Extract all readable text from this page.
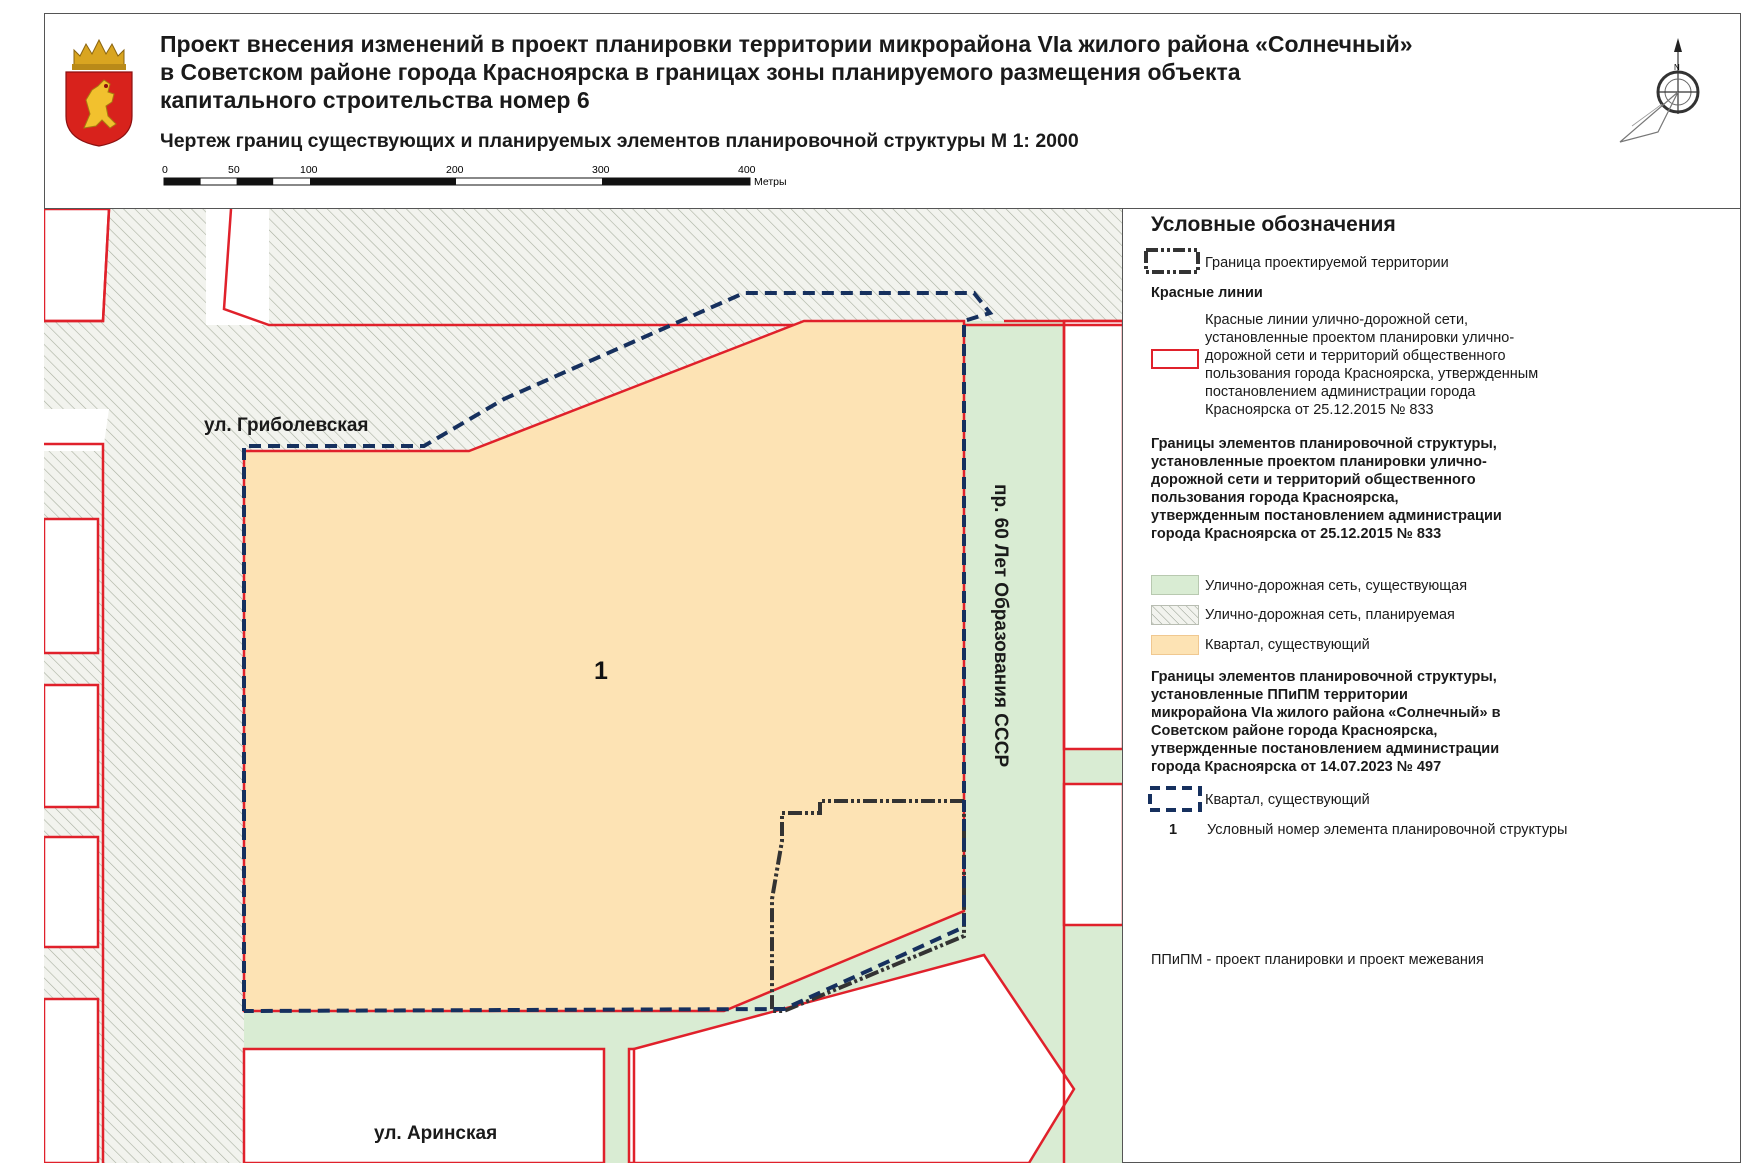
Проект внесения изменений в проект планировки территории микрорайона VIa жилого района «Солнечный»
в Советском районе города Красноярска в границах зоны планируемого размещения объекта
капитального строительства номер 6
Чертеж границ существующих и планируемых элементов планировочной структуры М 1: 2000
0	50	100	200	300	400
Метры
N
ул. Гриболевская
ул. Аринская
пр. 60 Лет Образования СССР
1
Условные обозначения
Граница проектируемой территории
Красные линии
Красные линии улично-дорожной сети,
установленные проектом планировки улично-
дорожной сети и территорий общественного
пользования города Красноярска, утвержденным
постановлением администрации города
Красноярска от 25.12.2015 № 833
Границы элементов планировочной структуры,
установленные проектом планировки улично-
дорожной сети и территорий общественного
пользования города Красноярска,
утвержденным постановлением администрации
города Красноярска от 25.12.2015 № 833
Улично-дорожная сеть, существующая
Улично-дорожная сеть, планируемая
Квартал, существующий
Границы элементов планировочной структуры,
установленные ППиПМ территории
микрорайона VIa жилого района «Солнечный» в
Советском районе города Красноярска,
утвержденные постановлением администрации
города Красноярска от 14.07.2023 № 497
Квартал, существующий
1 Условный номер элемента планировочной структуры
ППиПМ - проект планировки и проект межевания
